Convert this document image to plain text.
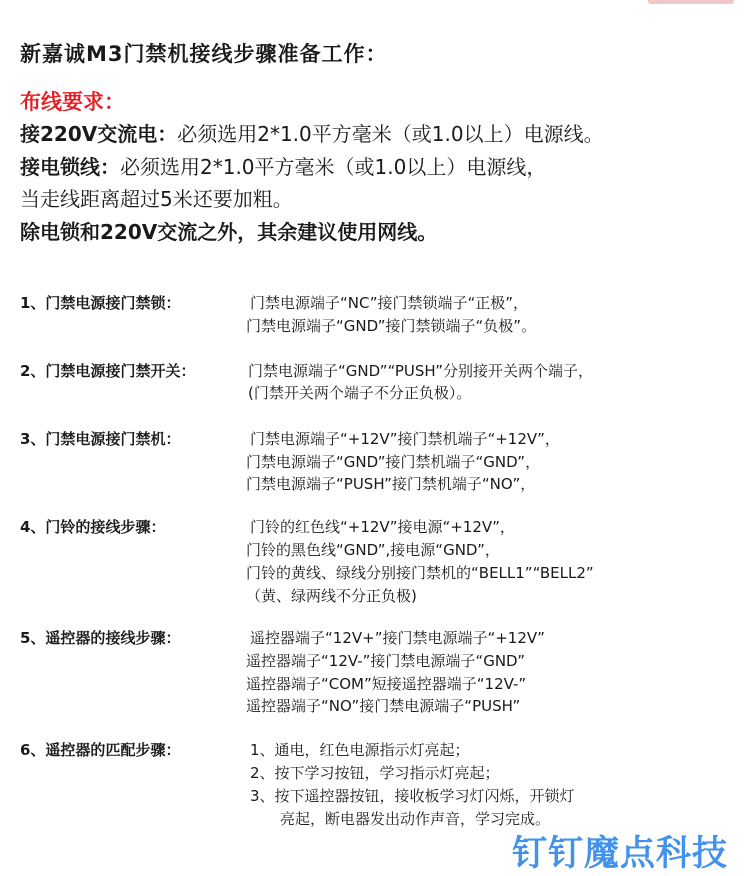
新嘉诚M3门禁机接线步骤准备工作：
布线要求：
接220V交流电：必须选用2*1.0平方毫米（或1.0以上）电源线。
接电锁线：必须选用2*1.0平方毫米（或1.0以上）电源线，
当走线距离超过5米还要加粗。
除电锁和220V交流之外，其余建议使用网线。
1、门禁电源接门禁锁：	门禁电源端子“NC”接门禁锁端子“正极”，
门禁电源端子“GND”接门禁锁端子“负极”。
2、门禁电源接门禁开关：	门禁电源端子“GND”“PUSH”分别接开关两个端子，
(门禁开关两个端子不分正负极）。
3、门禁电源接门禁机：	门禁电源端子“+12V”接门禁机端子“+12V”，
门禁电源端子“GND”接门禁机端子“GND”，
门禁电源端子“PUSH”接门禁机端子“NO”，
4、门铃的接线步骤：	门铃的红色线“+12V”接电源“+12V”，
门铃的黑色线“GND”,接电源“GND”，
门铃的黄线、绿线分别接门禁机的“BELL1”“BELL2”
（黄、绿两线不分正负极)
5、遥控器的接线步骤：	遥控器端子“12V+”接门禁电源端子“+12V”
遥控器端子“12V-”接门禁电源端子“GND”
遥控器端子“COM”短接遥控器端子“12V-”
遥控器端子“NO”接门禁电源端子“PUSH”
6、遥控器的匹配步骤：	1、通电，红色电源指示灯亮起；
2、按下学习按钮，学习指示灯亮起；
3、按下遥控器按钮，接收板学习灯闪烁，开锁灯
亮起，断电器发出动作声音，学习完成。
钉钉魔点科技
